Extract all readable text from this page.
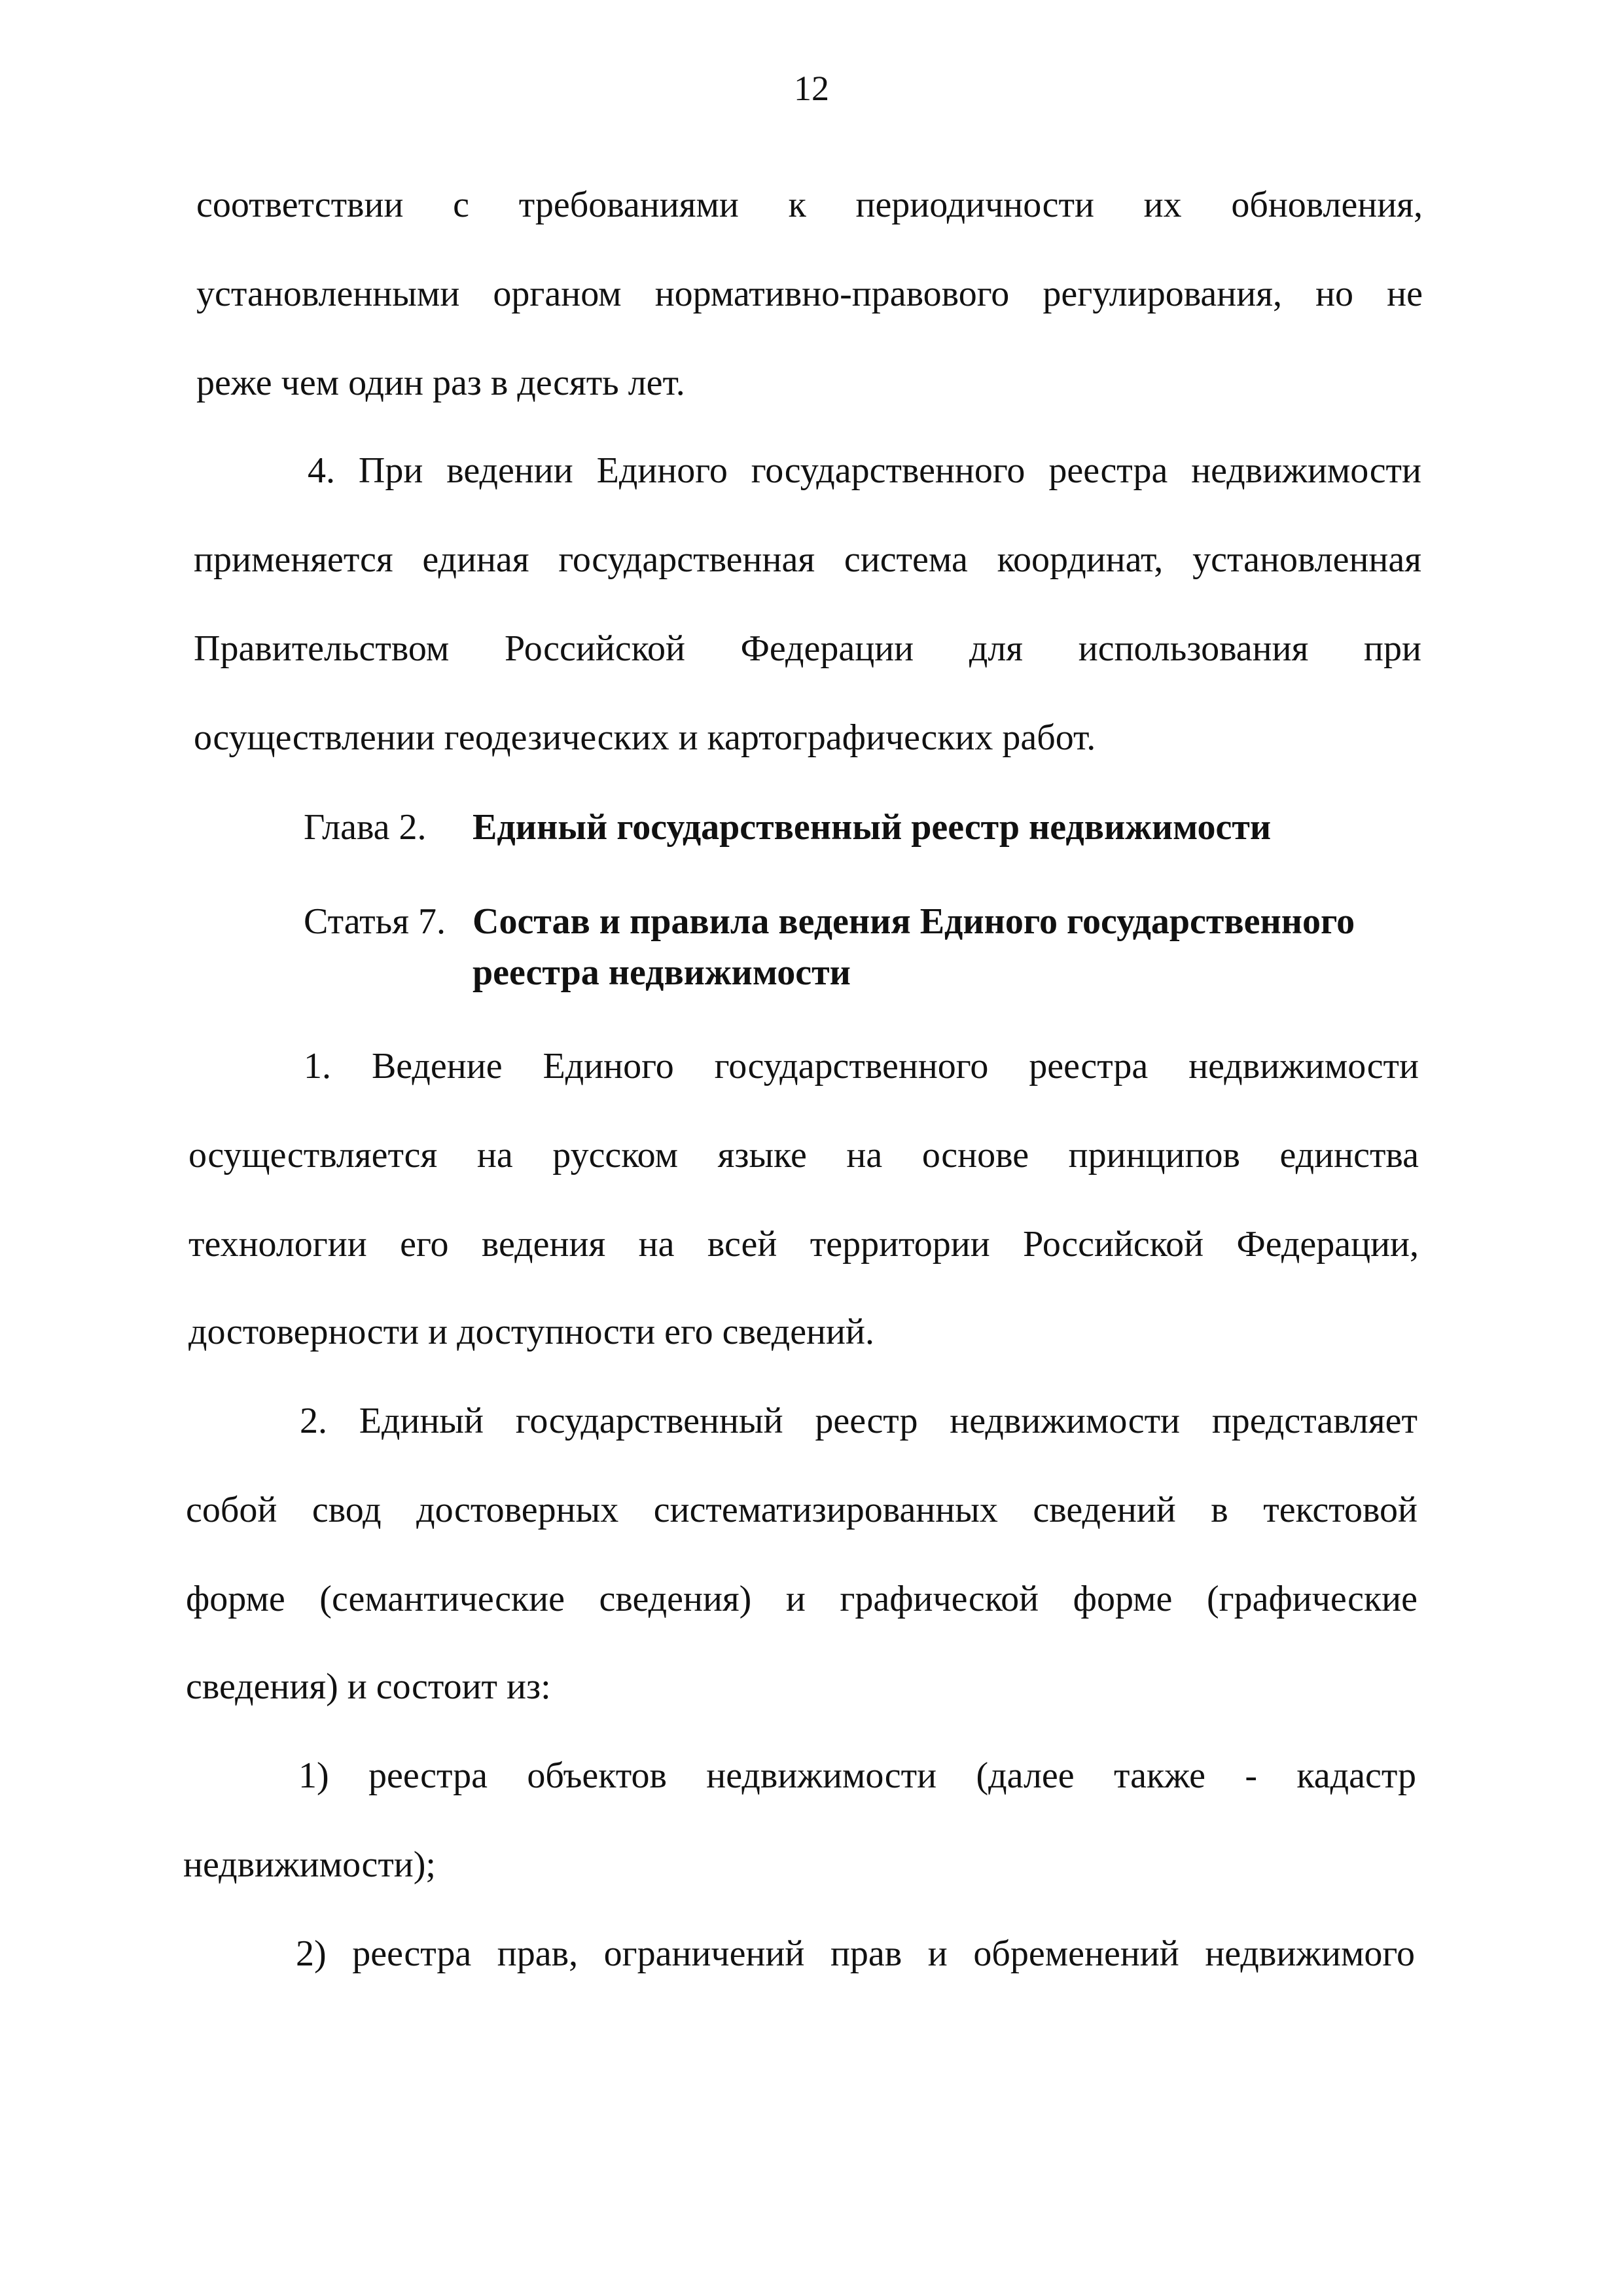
12
соответствии с требованиями к периодичности их обновления,
установленными органом нормативно-правового регулирования, но не
реже чем один раз в десять лет.
4. При ведении Единого государственного реестра недвижимости
применяется единая государственная система координат, установленная
Правительством Российской Федерации для использования при
осуществлении геодезических и картографических работ.
Глава 2. Единый государственный реестр недвижимости
Статья 7. Состав и правила ведения Единого государственного
реестра недвижимости
1. Ведение Единого государственного реестра недвижимости
осуществляется на русском языке на основе принципов единства
технологии его ведения на всей территории Российской Федерации,
достоверности и доступности его сведений.
2. Единый государственный реестр недвижимости представляет
собой свод достоверных систематизированных сведений в текстовой
форме (семантические сведения) и графической форме (графические
сведения) и состоит из:
1) реестра объектов недвижимости (далее также - кадастр
недвижимости);
2) реестра прав, ограничений прав и обременений недвижимого
